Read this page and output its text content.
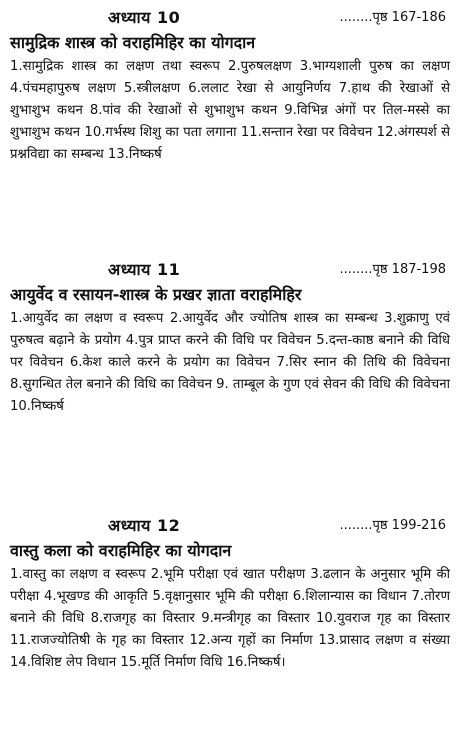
अध्याय 10	........पृष्ठ 167-186
सामुद्रिक शास्त्र को वराहमिहिर का योगदान
1.सामुद्रिक शास्त्र का लक्षण तथा स्वरूप 2.पुरुषलक्षण 3.भाग्यशाली पुरुष का लक्षण 4.पंचमहापुरुष लक्षण 5.स्त्रीलक्षण 6.ललाट रेखा से आयुनिर्णय 7.हाथ की रेखाओं से शुभाशुभ कथन 8.पांव की रेखाओं से शुभाशुभ कथन 9.विभिन्न अंगों पर तिल-मस्से का शुभाशुभ कथन 10.गर्भस्थ शिशु का पता लगाना 11.सन्तान रेखा पर विवेचन 12.अंगस्पर्श से प्रश्नविद्या का सम्बन्ध 13.निष्कर्ष
अध्याय 11	........पृष्ठ 187-198
आयुर्वेद व रसायन-शास्त्र के प्रखर ज्ञाता वराहमिहिर
1.आयुर्वेद का लक्षण व स्वरूप 2.आयुर्वेद और ज्योतिष शास्त्र का सम्बन्ध 3.शुक्राणु एवं पुरुषत्व बढ़ाने के प्रयोग 4.पुत्र प्राप्त करने की विधि पर विवेचन 5.दन्त-काष्ठ बनाने की विधि पर विवेचन 6.केश काले करने के प्रयोग का विवेचन 7.सिर स्नान की तिथि की विवेचना 8.सुगन्धित तेल बनाने की विधि का विवेचन 9. ताम्बूल के गुण एवं सेवन की विधि की विवेचना 10.निष्कर्ष
अध्याय 12	........पृष्ठ 199-216
वास्तु कला को वराहमिहिर का योगदान
1.वास्तु का लक्षण व स्वरूप 2.भूमि परीक्षा एवं खात परीक्षण 3.ढलान के अनुसार भूमि की परीक्षा 4.भूखण्ड की आकृति 5.वृक्षानुसार भूमि की परीक्षा 6.शिलान्यास का विधान 7.तोरण बनाने की विधि 8.राजगृह का विस्तार 9.मन्त्रीगृह का विस्तार 10.युवराज गृह का विस्तार 11.राजज्योतिषी के गृह का विस्तार 12.अन्य गृहों का निर्माण 13.प्रासाद लक्षण व संख्या 14.विशिष्ट लेप विधान 15.मूर्ति निर्माण विधि 16.निष्कर्ष।
